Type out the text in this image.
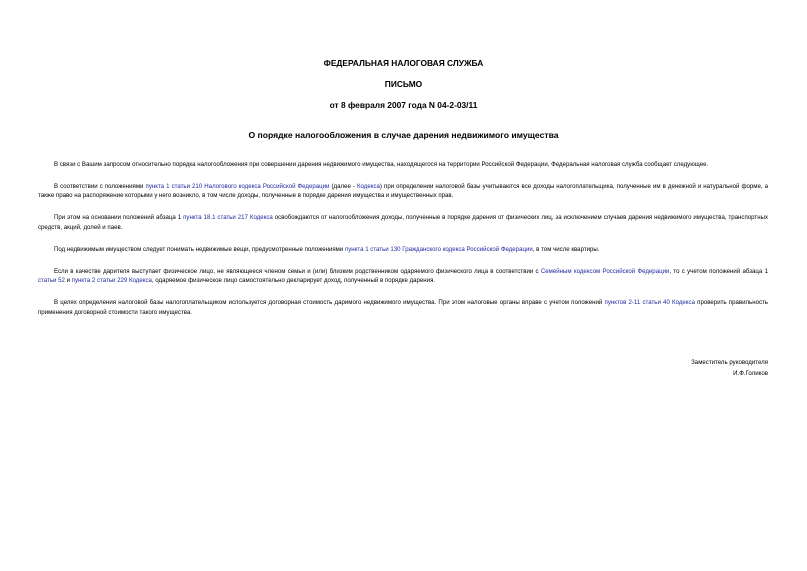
ФЕДЕРАЛЬНАЯ НАЛОГОВАЯ СЛУЖБА
ПИСЬМО
от 8 февраля 2007 года N 04-2-03/11
О порядке налогообложения в случае дарения недвижимого имущества

В связи с Вашим запросом относительно порядка налогообложения при совершении дарения недвижимого имущества, находящегося на территории Российской Федерации, Федеральная налоговая служба сообщает следующее.

В соответствии с положениями пункта 1 статьи 210 Налогового кодекса Российской Федерации (далее - Кодекса) при определении налоговой базы учитываются все доходы налогоплательщика, полученные им в денежной и натуральной форме, а также право на распоряжение которыми у него возникло, в том числе доходы, полученные в порядке дарения имущества и имущественных прав.

При этом на основании положений абзаца 1 пункта 18.1 статьи 217 Кодекса освобождаются от налогообложения доходы, полученные в порядке дарения от физических лиц, за исключением случаев дарения недвижимого имущества, транспортных средств, акций, долей и паев.

Под недвижимым имуществом следует понимать недвижимые вещи, предусмотренные положениями пункта 1 статьи 130 Гражданского кодекса Российской Федерации, в том числе квартиры.

Если в качестве дарителя выступает физическое лицо, не являющееся членом семьи и (или) близким родственником одаряемого физического лица в соответствии с Семейным кодексом Российской Федерации, то с учетом положений абзаца 1 статьи 52 и пункта 2 статьи 229 Кодекса, одаряемое физическое лицо самостоятельно декларирует доход, полученный в порядке дарения.

В целях определения налоговой базы налогоплательщиком используется договорная стоимость даримого недвижимого имущества. При этом налоговые органы вправе с учетом положений пунктов 2-11 статьи 40 Кодекса проверить правильность применения договорной стоимости такого имущества.

Заместитель руководителя
И.Ф.Голиков
